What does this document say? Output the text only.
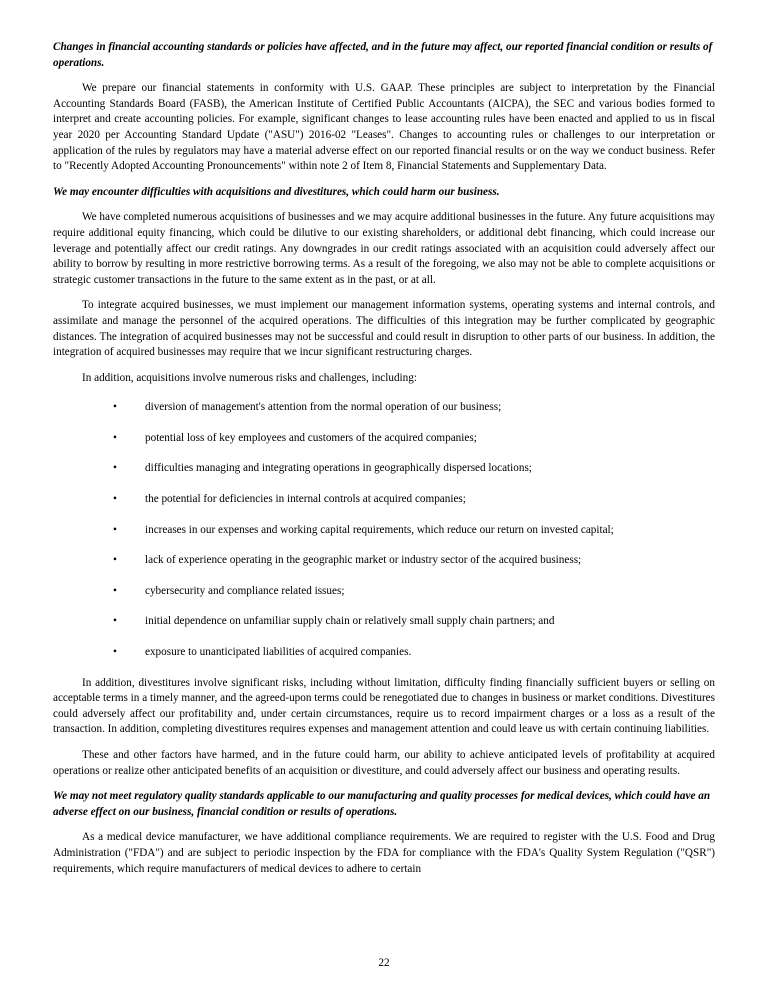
Changes in financial accounting standards or policies have affected, and in the future may affect, our reported financial condition or results of operations.

We prepare our financial statements in conformity with U.S. GAAP. These principles are subject to interpretation by the Financial Accounting Standards Board (FASB), the American Institute of Certified Public Accountants (AICPA), the SEC and various bodies formed to interpret and create accounting policies. For example, significant changes to lease accounting rules have been enacted and applied to us in fiscal year 2020 per Accounting Standard Update ("ASU") 2016-02 "Leases". Changes to accounting rules or challenges to our interpretation or application of the rules by regulators may have a material adverse effect on our reported financial results or on the way we conduct business. Refer to "Recently Adopted Accounting Pronouncements" within note 2 of Item 8, Financial Statements and Supplementary Data.

We may encounter difficulties with acquisitions and divestitures, which could harm our business.

We have completed numerous acquisitions of businesses and we may acquire additional businesses in the future. Any future acquisitions may require additional equity financing, which could be dilutive to our existing shareholders, or additional debt financing, which could increase our leverage and potentially affect our credit ratings. Any downgrades in our credit ratings associated with an acquisition could adversely affect our ability to borrow by resulting in more restrictive borrowing terms. As a result of the foregoing, we also may not be able to complete acquisitions or strategic customer transactions in the future to the same extent as in the past, or at all.

To integrate acquired businesses, we must implement our management information systems, operating systems and internal controls, and assimilate and manage the personnel of the acquired operations. The difficulties of this integration may be further complicated by geographic distances. The integration of acquired businesses may not be successful and could result in disruption to other parts of our business. In addition, the integration of acquired businesses may require that we incur significant restructuring charges.

In addition, acquisitions involve numerous risks and challenges, including:

•	diversion of management's attention from the normal operation of our business;
•	potential loss of key employees and customers of the acquired companies;
•	difficulties managing and integrating operations in geographically dispersed locations;
•	the potential for deficiencies in internal controls at acquired companies;
•	increases in our expenses and working capital requirements, which reduce our return on invested capital;
•	lack of experience operating in the geographic market or industry sector of the acquired business;
•	cybersecurity and compliance related issues;
•	initial dependence on unfamiliar supply chain or relatively small supply chain partners; and
•	exposure to unanticipated liabilities of acquired companies.

In addition, divestitures involve significant risks, including without limitation, difficulty finding financially sufficient buyers or selling on acceptable terms in a timely manner, and the agreed-upon terms could be renegotiated due to changes in business or market conditions. Divestitures could adversely affect our profitability and, under certain circumstances, require us to record impairment charges or a loss as a result of the transaction. In addition, completing divestitures requires expenses and management attention and could leave us with certain continuing liabilities.

These and other factors have harmed, and in the future could harm, our ability to achieve anticipated levels of profitability at acquired operations or realize other anticipated benefits of an acquisition or divestiture, and could adversely affect our business and operating results.

We may not meet regulatory quality standards applicable to our manufacturing and quality processes for medical devices, which could have an adverse effect on our business, financial condition or results of operations.

As a medical device manufacturer, we have additional compliance requirements. We are required to register with the U.S. Food and Drug Administration ("FDA") and are subject to periodic inspection by the FDA for compliance with the FDA's Quality System Regulation ("QSR") requirements, which require manufacturers of medical devices to adhere to certain

22
